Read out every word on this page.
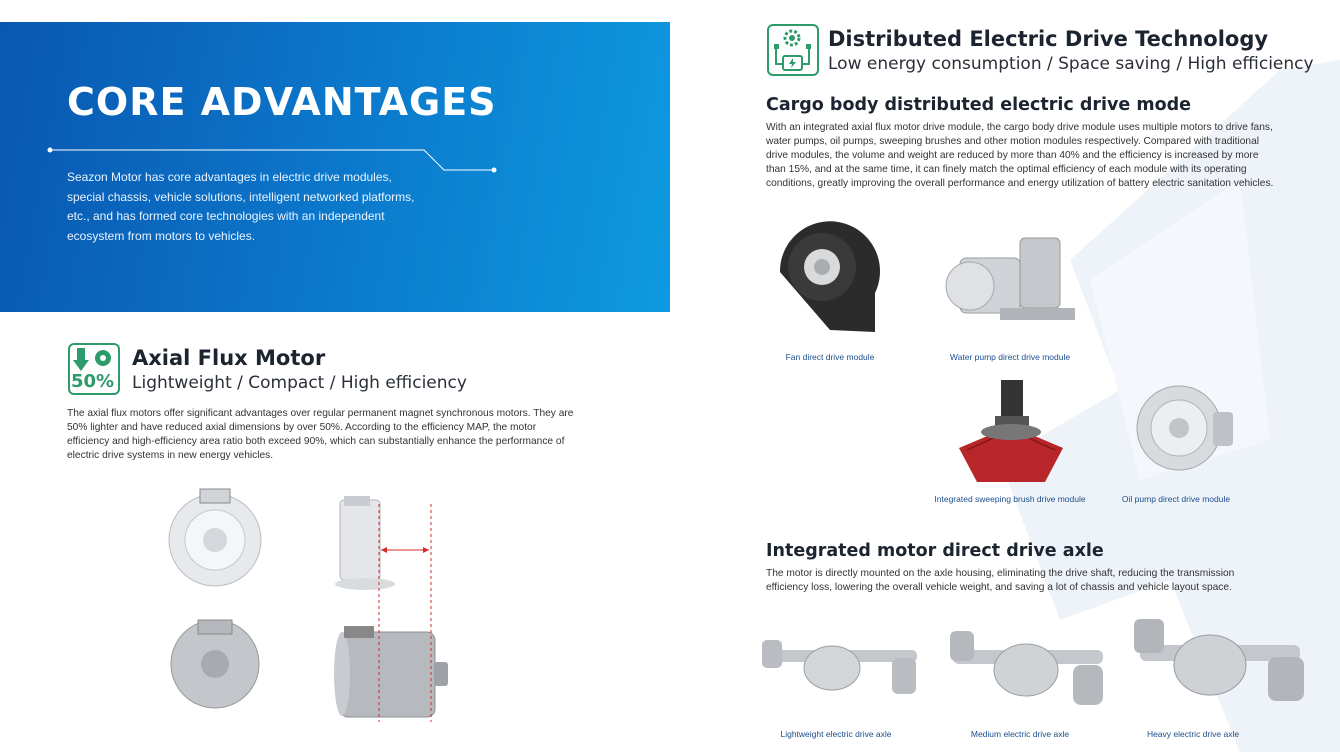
CORE ADVANTAGES

Seazon Motor has core advantages in electric drive modules, special chassis, vehicle solutions, intelligent networked platforms, etc., and has formed core technologies with an independent ecosystem from motors to vehicles.

50%
Axial Flux Motor

Lightweight / Compact / High efficiency

The axial flux motors offer significant advantages over regular permanent magnet synchronous motors. They are 50% lighter and have reduced axial dimensions by over 50%. According to the efficiency MAP, the motor efficiency and high-efficiency area ratio both exceed 90%, which can substantially enhance the performance of electric drive systems in new energy vehicles.

Distributed Electric Drive Technology

Low energy consumption / Space saving / High efficiency

Cargo body distributed electric drive mode

With an integrated axial flux motor drive module, the cargo body drive module uses multiple motors to drive fans, water pumps, oil pumps, sweeping brushes and other motion modules respectively. Compared with traditional drive modules, the volume and weight are reduced by more than 40% and the efficiency is increased by more than 15%, and at the same time, it can finely match the optimal efficiency of each module with its operating conditions, greatly improving the overall performance and energy utilization of battery electric sanitation vehicles.

Fan direct drive module	Water pump direct drive module
Integrated sweeping brush drive module	Oil pump direct drive module
Integrated motor direct drive axle

The motor is directly mounted on the axle housing, eliminating the drive shaft, reducing the transmission efficiency loss, lowering the overall vehicle weight, and saving a lot of chassis and vehicle layout space.

Lightweight electric drive axle	Medium electric drive axle	Heavy electric drive axle
